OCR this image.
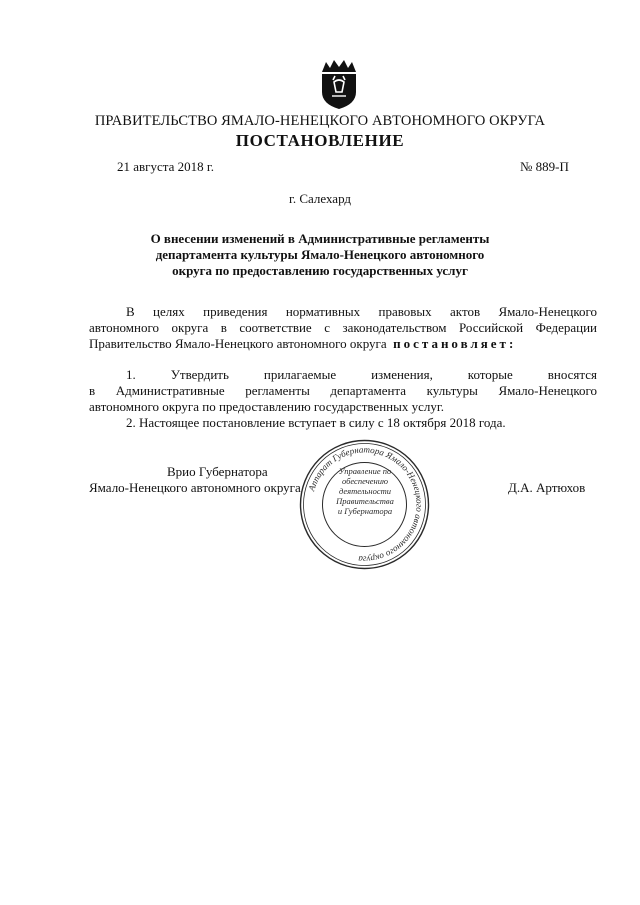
ПРАВИТЕЛЬСТВО ЯМАЛО-НЕНЕЦКОГО АВТОНОМНОГО ОКРУГА
ПОСТАНОВЛЕНИЕ
21 августа 2018 г.	№ 889-П
г. Салехард
О внесении изменений в Административные регламенты
департамента культуры Ямало-Ненецкого автономного
округа по предоставлению государственных услуг
В целях приведения нормативных правовых актов Ямало-Ненецкого
автономного округа в соответствие с законодательством Российской Федерации
Правительство Ямало-Ненецкого автономного округа постановляет:
1. Утвердить прилагаемые изменения, которые вносятся
в Административные регламенты департамента культуры Ямало-Ненецкого
автономного округа по предоставлению государственных услуг.
2. Настоящее постановление вступает в силу с 18 октября 2018 года.
Врио Губернатора
Ямало-Ненецкого автономного округа	Д.А. Артюхов
Аппарат Губернатора Ямало-Ненецкого автономного округа
Управление по
обеспечению
деятельности
Правительства
и Губернатора
